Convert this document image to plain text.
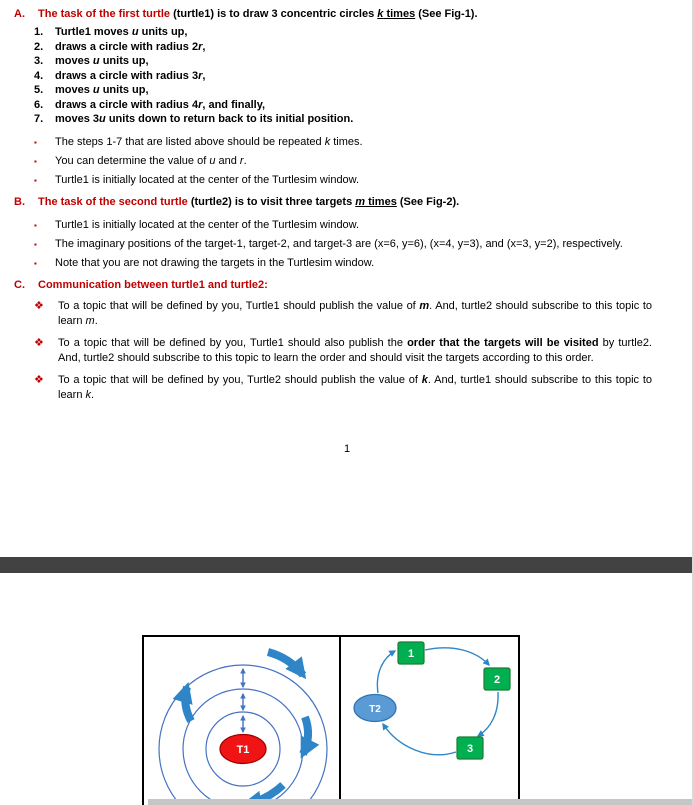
A.	The task of the first turtle (turtle1) is to draw 3 concentric circles k times (See Fig-1).
1.	Turtle1 moves u units up,
2.	draws a circle with radius 2r,
3.	moves u units up,
4.	draws a circle with radius 3r,
5.	moves u units up,
6.	draws a circle with radius 4r, and finally,
7.	moves 3u units down to return back to its initial position.
▪	The steps 1-7 that are listed above should be repeated k times.
▪	You can determine the value of u and r.
▪	Turtle1 is initially located at the center of the Turtlesim window.
B.	The task of the second turtle (turtle2) is to visit three targets m times (See Fig-2).
▪	Turtle1 is initially located at the center of the Turtlesim window.
▪	The imaginary positions of the target-1, target-2, and target-3 are (x=6, y=6), (x=4, y=3), and (x=3, y=2), respectively.
▪	Note that you are not drawing the targets in the Turtlesim window.
C.	Communication between turtle1 and turtle2:
❖	To a topic that will be defined by you, Turtle1 should publish the value of m. And, turtle2 should subscribe to this topic to learn m.
❖	To a topic that will be defined by you, Turtle1 should also publish the order that the targets will be visited by turtle2. And, turtle2 should subscribe to this topic to learn the order and should visit the targets according to this order.
❖	To a topic that will be defined by you, Turtle2 should publish the value of k. And, turtle1 should subscribe to this topic to learn k.
1
T1
T2
1
2
3
